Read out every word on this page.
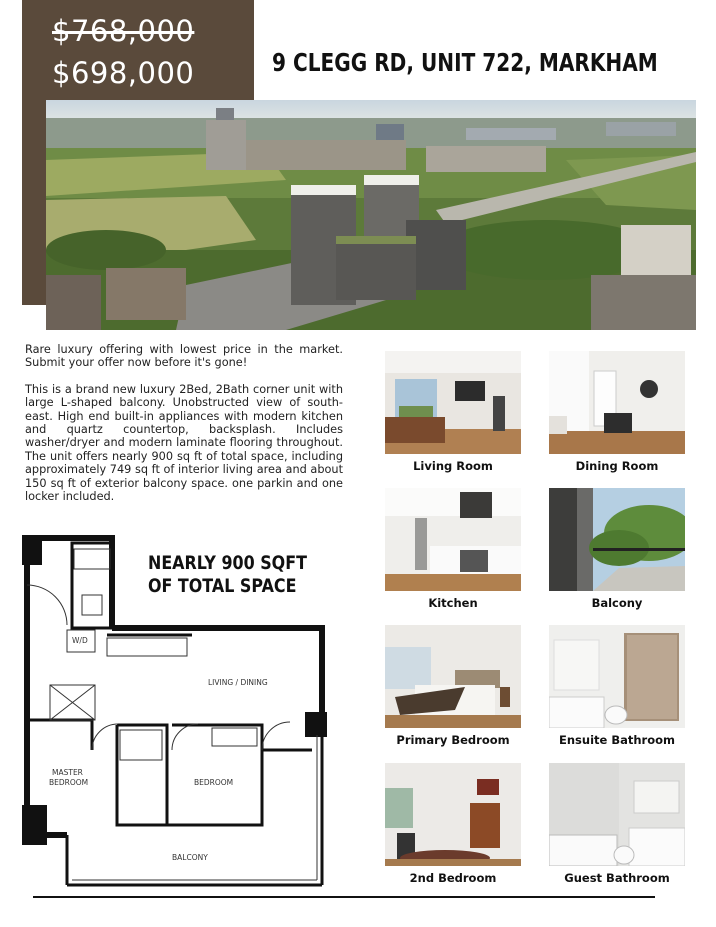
$768,000
$698,000	9 CLEGG RD, UNIT 722, MARKHAM

Rare luxury offering with lowest price in the market. Submit your offer now before it's gone!

This is a brand new luxury 2Bed, 2Bath corner unit with large L-shaped balcony. Unobstructed view of south-east. High end built-in appliances with modern kitchen and quartz countertop, backsplash. Includes washer/dryer and modern laminate flooring throughout. The unit offers nearly 900 sq ft of total space, including approximately 749 sq ft of interior living area and about 150 sq ft of exterior balcony space. one parkin and one locker included.

LIVING / DINING
MASTER
BEDROOM	BEDROOM
BALCONY
W/D
NEARLY 900 SQFT
OF TOTAL SPACE
Living Room	Dining Room
Kitchen	Balcony
Primary Bedroom	Ensuite Bathroom
2nd Bedroom	Guest Bathroom
